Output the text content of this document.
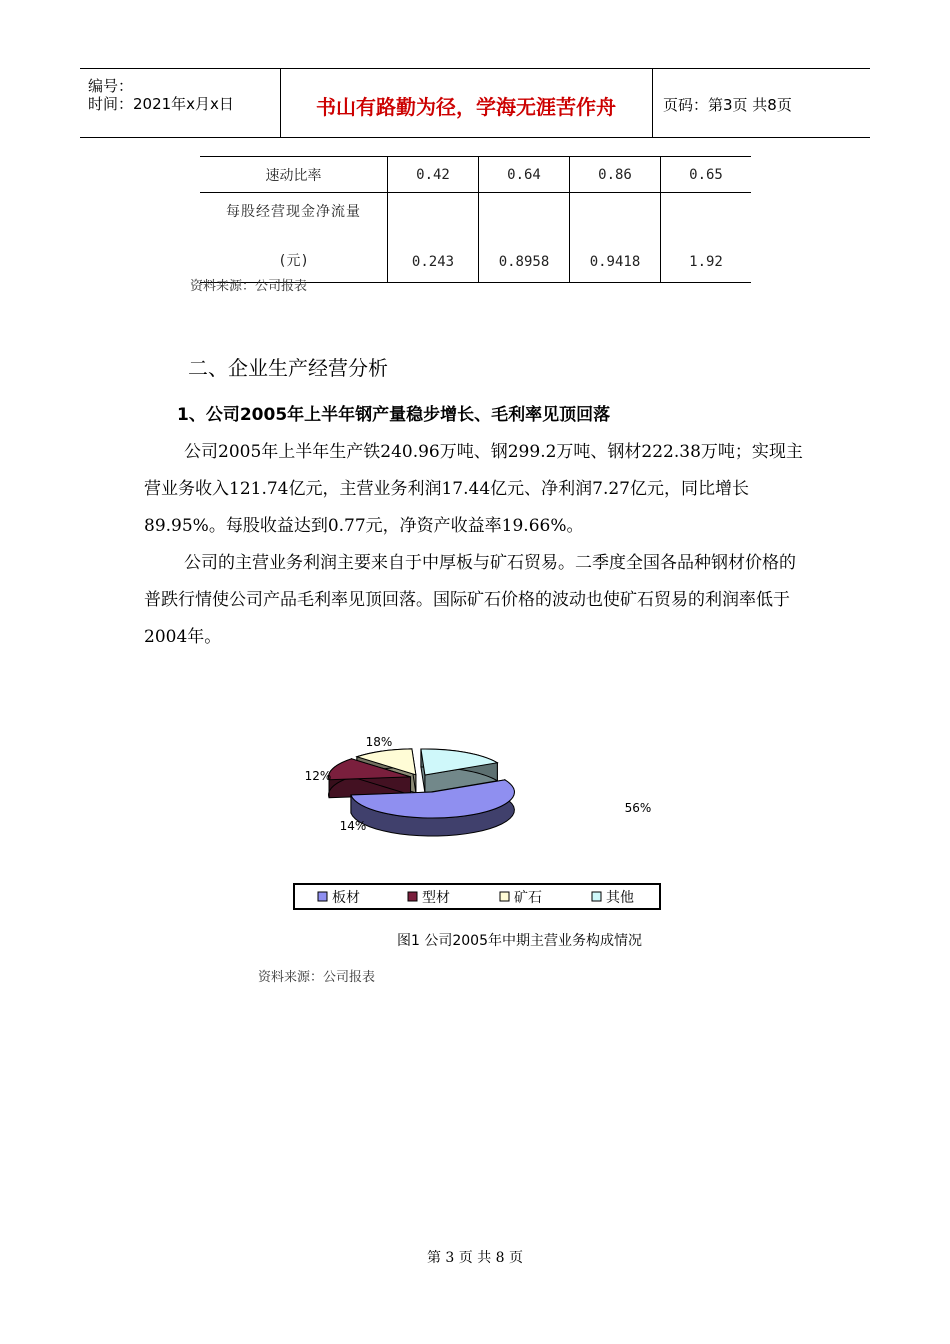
编号：
时间：2021年x月x日	书山有路勤为径，学海无涯苦作舟	页码：第3页 共8页
速动比率	0.42	0.64	0.86	0.65

每股经营现金净流量
(元)	0.243	0.8958	0.9418	1.92
资料来源：公司报表
二、企业生产经营分析
1、公司2005年上半年钢产量稳步增长、毛利率见顶回落

公司2005年上半年生产铁240.96万吨、钢299.2万吨、钢材222.38万吨；实现主营业务收入121.74亿元，主营业务利润17.44亿元、净利润7.27亿元，同比增长89.95%。每股收益达到0.77元，净资产收益率19.66%。

公司的主营业务利润主要来自于中厚板与矿石贸易。二季度全国各品种钢材价格的普跌行情使公司产品毛利率见顶回落。国际矿石价格的波动也使矿石贸易的利润率低于2004年。

56%
14%
12%
18%
板材	型材	矿石	其他
图1 公司2005年中期主营业务构成情况
资料来源：公司报表
第 3 页 共 8 页
